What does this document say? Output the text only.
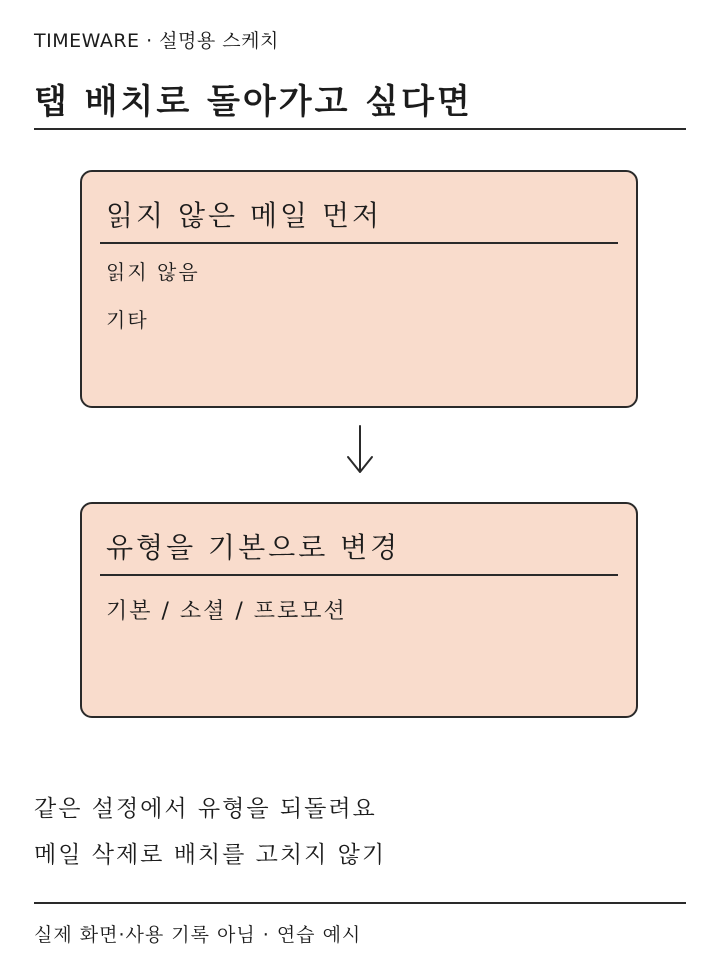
TIMEWARE · 설명용 스케치
탭 배치로 돌아가고 싶다면
읽지 않은 메일 먼저
읽지 않음
기타
유형을 기본으로 변경
기본 / 소셜 / 프로모션
같은 설정에서 유형을 되돌려요
메일 삭제로 배치를 고치지 않기
실제 화면·사용 기록 아님 · 연습 예시
